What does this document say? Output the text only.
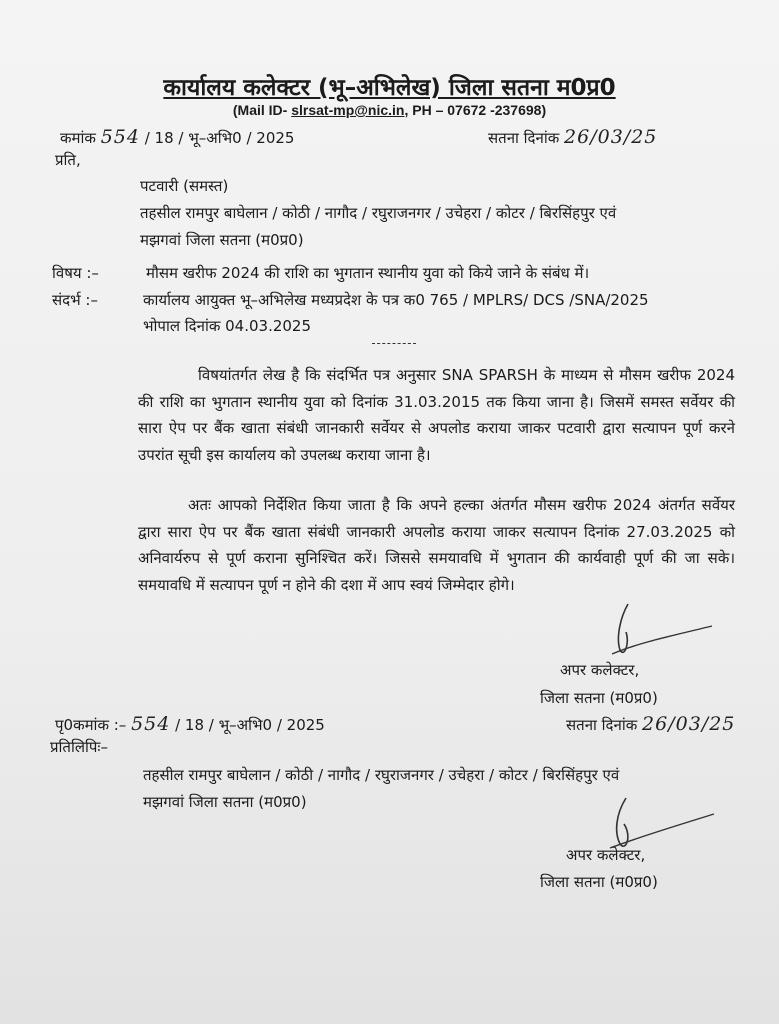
कार्यालय कलेक्टर (भू–अभिलेख) जिला सतना म0प्र0
(Mail ID- slrsat-mp@nic.in, PH – 07672 -237698)
कमांक 554 / 18 / भू–अभि0 / 2025	सतना दिनांक 26/03/25
प्रति,
पटवारी (समस्त)
तहसील रामपुर बाघेलान / कोठी / नागौद / रघुराजनगर / उचेहरा / कोटर / बिरसिंहपुर एवं
मझगवां जिला सतना (म0प्र0)
विषय :–	मौसम खरीफ 2024 की राशि का भुगतान स्थानीय युवा को किये जाने के संबंध में।
संदर्भ :–	कार्यालय आयुक्त भू–अभिलेख मध्यप्रदेश के पत्र क0 765 / MPLRS/ DCS /SNA/2025
भोपाल दिनांक 04.03.2025
विषयांतर्गत लेख है कि संदर्भित पत्र अनुसार SNA SPARSH के माध्यम से मौसम खरीफ 2024 की राशि का भुगतान स्थानीय युवा को दिनांक 31.03.2015 तक किया जाना है। जिसमें समस्त सर्वेयर की सारा ऐप पर बैंक खाता संबंधी जानकारी सर्वेयर से अपलोड कराया जाकर पटवारी द्वारा सत्यापन पूर्ण करने उपरांत सूची इस कार्यालय को उपलब्ध कराया जाना है।
अतः आपको निर्देशित किया जाता है कि अपने हल्का अंतर्गत मौसम खरीफ 2024 अंतर्गत सर्वेयर द्वारा सारा ऐप पर बैंक खाता संबंधी जानकारी अपलोड कराया जाकर सत्यापन दिनांक 27.03.2025 को अनिवार्यरुप से पूर्ण कराना सुनिश्चित करें। जिससे समयावधि में भुगतान की कार्यवाही पूर्ण की जा सके। समयावधि में सत्यापन पूर्ण न होने की दशा में आप स्वयं जिम्मेदार होगे।
अपर कलेक्टर,
जिला सतना (म0प्र0)
पृ0कमांक :– 554 / 18 / भू–अभि0 / 2025	सतना दिनांक 26/03/25
प्रतिलिपिः–
तहसील रामपुर बाघेलान / कोठी / नागौद / रघुराजनगर / उचेहरा / कोटर / बिरसिंहपुर एवं
मझगवां जिला सतना (म0प्र0)
अपर कलेक्टर,
जिला सतना (म0प्र0)
